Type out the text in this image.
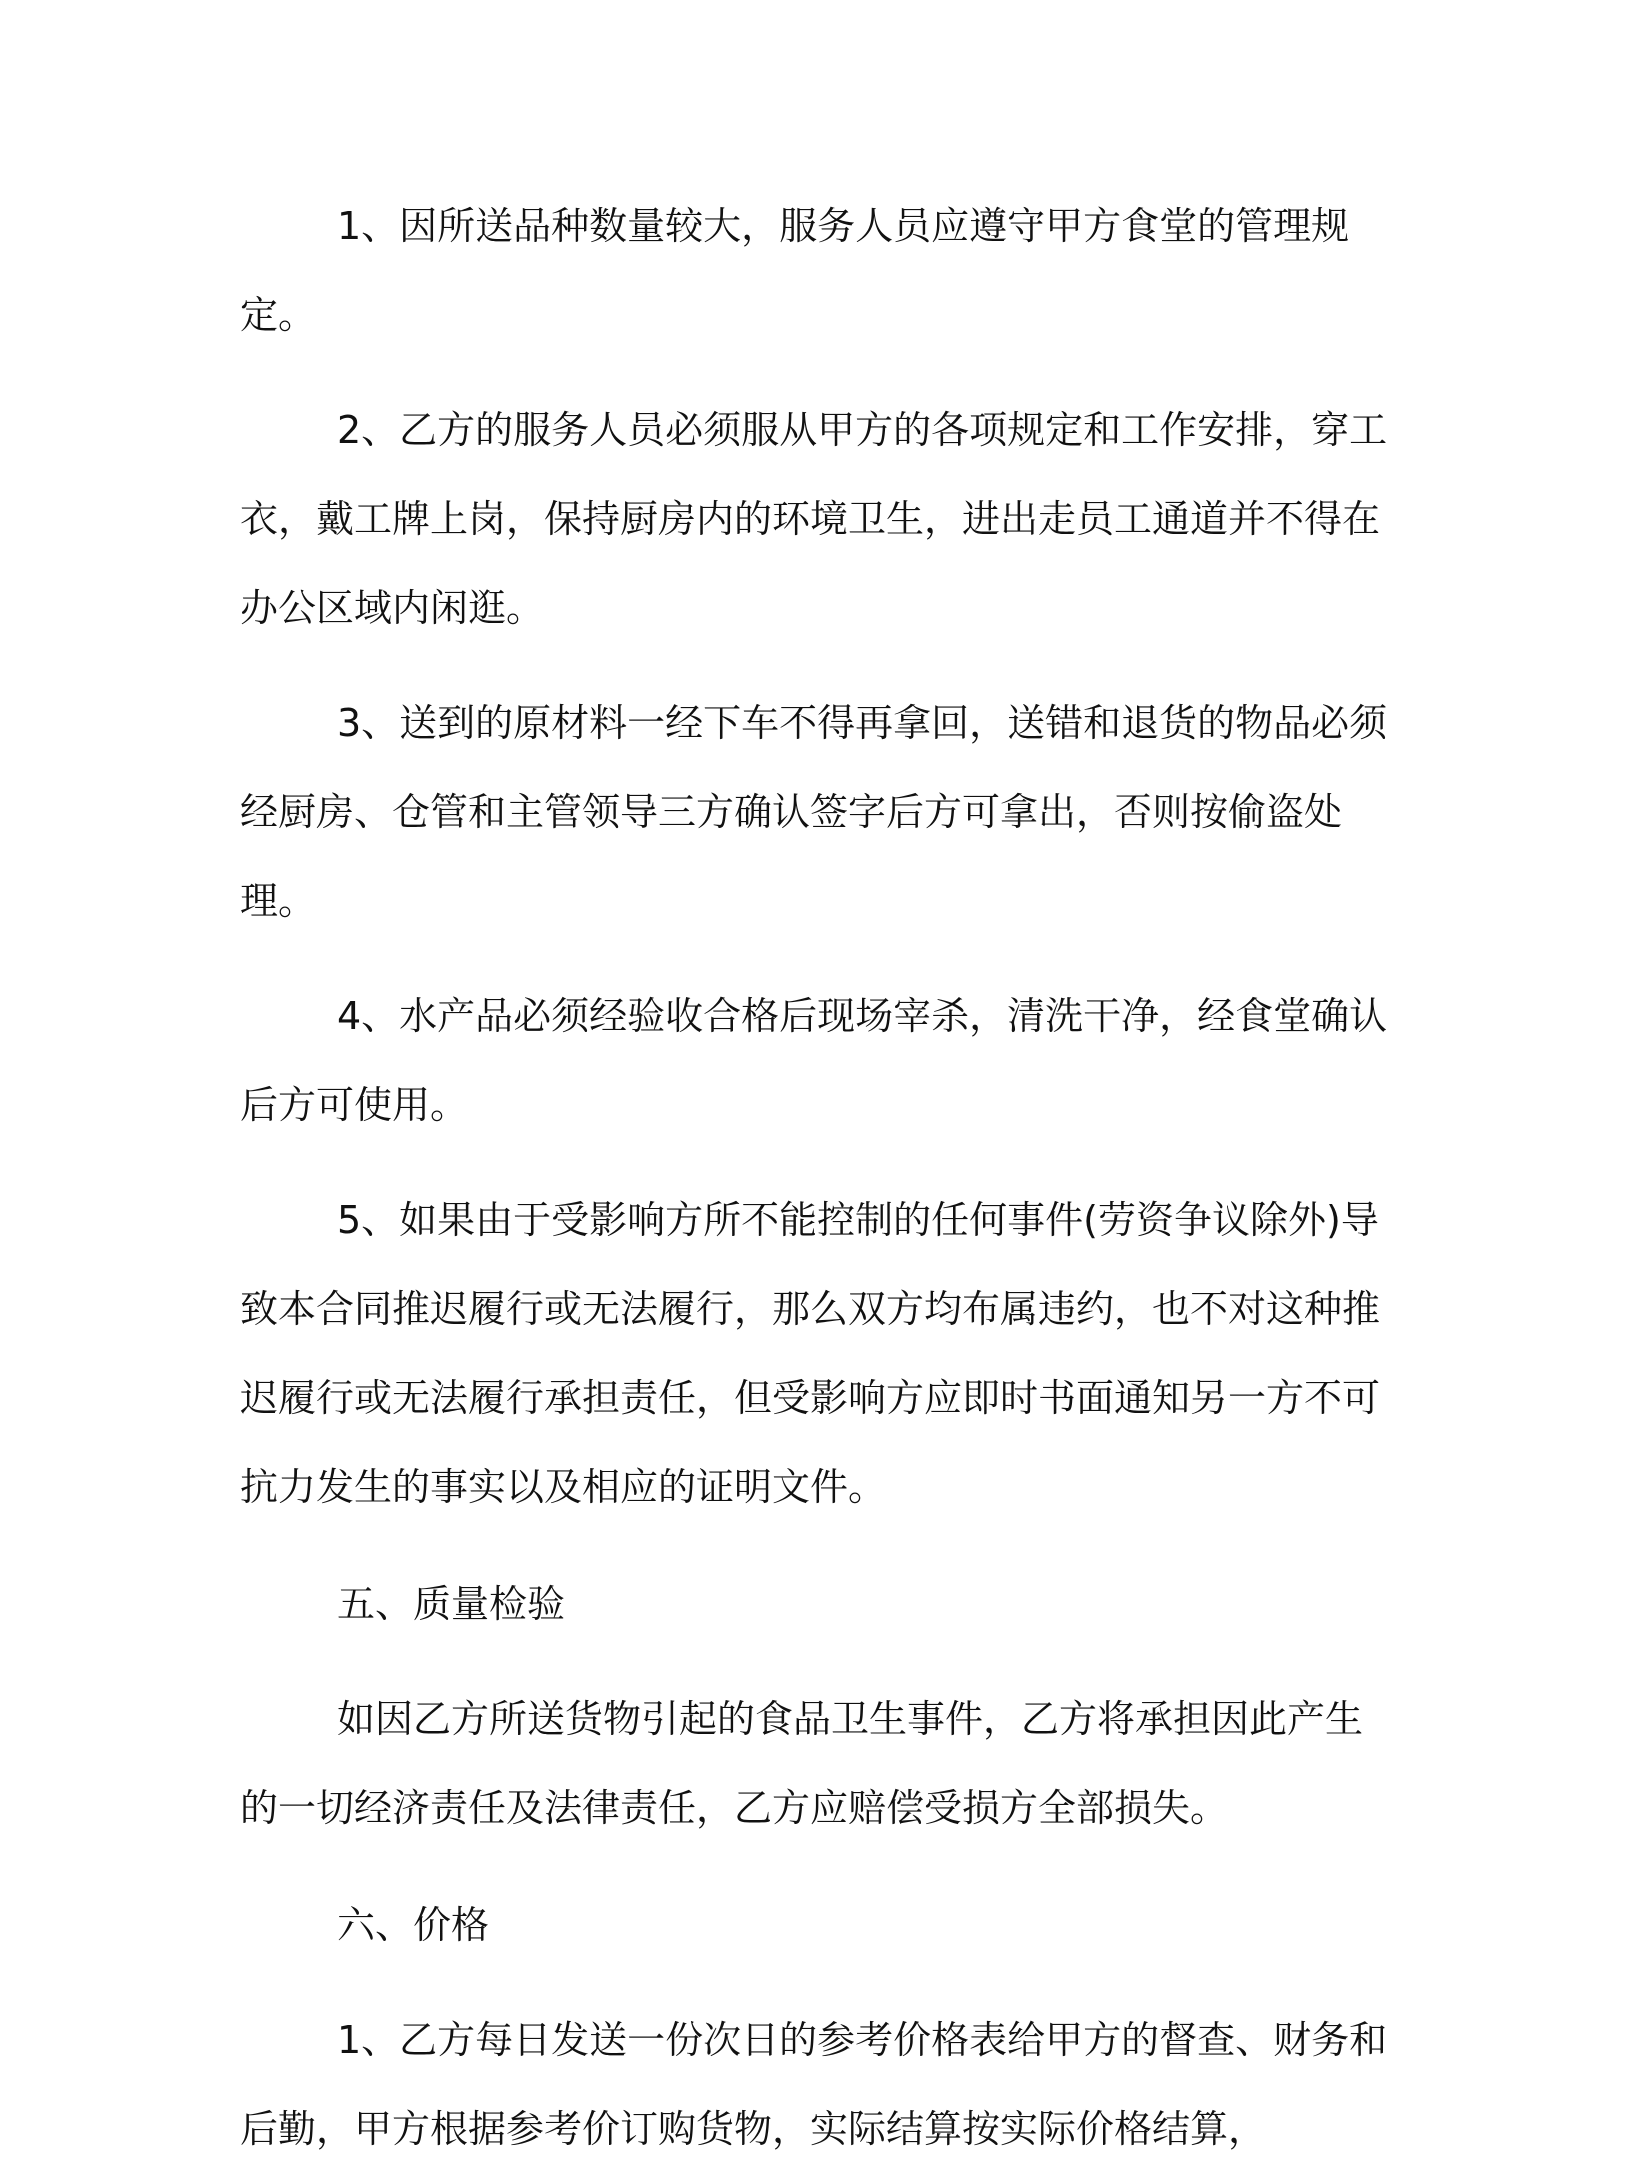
1、因所送品种数量较大，服务人员应遵守甲方食堂的管理规定。

2、乙方的服务人员必须服从甲方的各项规定和工作安排，穿工衣，戴工牌上岗，保持厨房内的环境卫生，进出走员工通道并不得在办公区域内闲逛。

3、送到的原材料一经下车不得再拿回，送错和退货的物品必须经厨房、仓管和主管领导三方确认签字后方可拿出，否则按偷盗处理。

4、水产品必须经验收合格后现场宰杀，清洗干净，经食堂确认后方可使用。

5、如果由于受影响方所不能控制的任何事件(劳资争议除外)导致本合同推迟履行或无法履行，那么双方均布属违约，也不对这种推迟履行或无法履行承担责任，但受影响方应即时书面通知另一方不可抗力发生的事实以及相应的证明文件。

五、质量检验

如因乙方所送货物引起的食品卫生事件，乙方将承担因此产生的一切经济责任及法律责任，乙方应赔偿受损方全部损失。

六、价格

1、乙方每日发送一份次日的参考价格表给甲方的督查、财务和后勤，甲方根据参考价订购货物，实际结算按实际价格结算，
